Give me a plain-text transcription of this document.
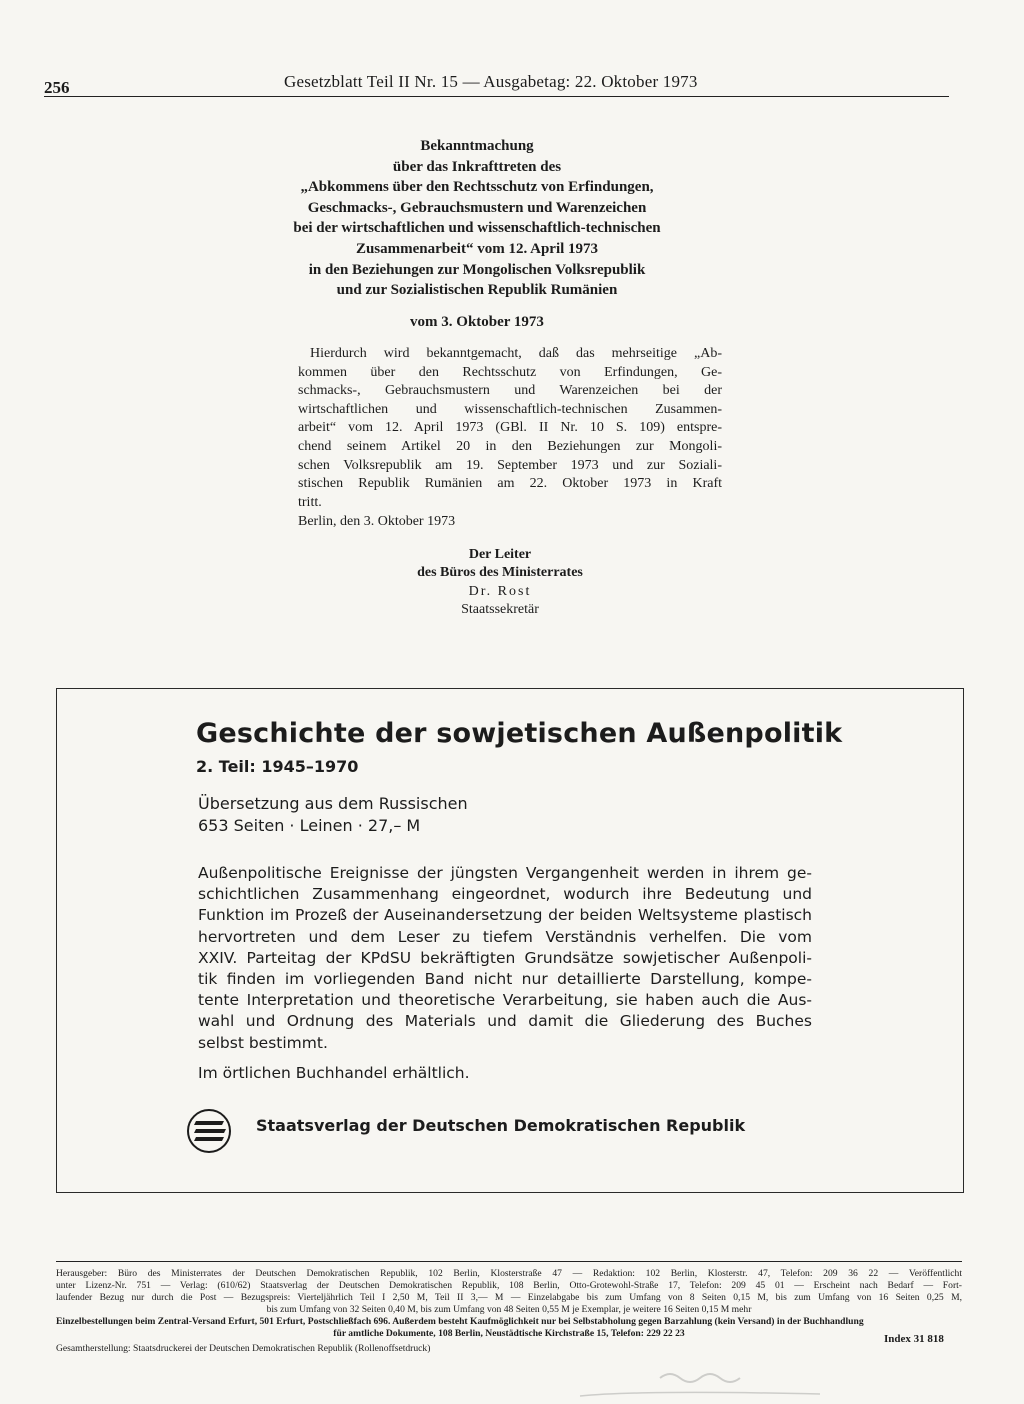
256	Gesetzblatt Teil II Nr. 15 — Ausgabetag: 22. Oktober 1973
Bekanntmachung
über das Inkrafttreten des
„Abkommens über den Rechtsschutz von Erfindungen,
Geschmacks-, Gebrauchsmustern und Warenzeichen
bei der wirtschaftlichen und wissenschaftlich-technischen
Zusammenarbeit“ vom 12. April 1973
in den Beziehungen zur Mongolischen Volksrepublik
und zur Sozialistischen Republik Rumänien
vom 3. Oktober 1973
Hierdurch wird bekanntgemacht, daß das mehrseitige „Ab-
kommen über den Rechtsschutz von Erfindungen, Ge-
schmacks-, Gebrauchsmustern und Warenzeichen bei der
wirtschaftlichen und wissenschaftlich-technischen Zusammen-
arbeit“ vom 12. April 1973 (GBl. II Nr. 10 S. 109) entspre-
chend seinem Artikel 20 in den Beziehungen zur Mongoli-
schen Volksrepublik am 19. September 1973 und zur Soziali-
stischen Republik Rumänien am 22. Oktober 1973 in Kraft
tritt.
Berlin, den 3. Oktober 1973
Der Leiter
des Büros des Ministerrates
Dr. Rost
Staatssekretär
Geschichte der sowjetischen Außenpolitik
2. Teil: 1945–1970
Übersetzung aus dem Russischen
653 Seiten · Leinen · 27,– M
Außenpolitische Ereignisse der jüngsten Vergangenheit werden in ihrem ge-
schichtlichen Zusammenhang eingeordnet, wodurch ihre Bedeutung und
Funktion im Prozeß der Auseinandersetzung der beiden Weltsysteme plastisch
hervortreten und dem Leser zu tiefem Verständnis verhelfen. Die vom
XXIV. Parteitag der KPdSU bekräftigten Grundsätze sowjetischer Außenpoli-
tik finden im vorliegenden Band nicht nur detaillierte Darstellung, kompe-
tente Interpretation und theoretische Verarbeitung, sie haben auch die Aus-
wahl und Ordnung des Materials und damit die Gliederung des Buches
selbst bestimmt.
Im örtlichen Buchhandel erhältlich.
Staatsverlag der Deutschen Demokratischen Republik
Herausgeber: Büro des Ministerrates der Deutschen Demokratischen Republik, 102 Berlin, Klosterstraße 47 — Redaktion: 102 Berlin, Klosterstr. 47, Telefon: 209 36 22 — Veröffentlicht
unter Lizenz-Nr. 751 — Verlag: (610/62) Staatsverlag der Deutschen Demokratischen Republik, 108 Berlin, Otto-Grotewohl-Straße 17, Telefon: 209 45 01 — Erscheint nach Bedarf — Fort-
laufender Bezug nur durch die Post — Bezugspreis: Vierteljährlich Teil I 2,50 M, Teil II 3,— M — Einzelabgabe bis zum Umfang von 8 Seiten 0,15 M, bis zum Umfang von 16 Seiten 0,25 M,
bis zum Umfang von 32 Seiten 0,40 M, bis zum Umfang von 48 Seiten 0,55 M je Exemplar, je weitere 16 Seiten 0,15 M mehr
Einzelbestellungen beim Zentral-Versand Erfurt, 501 Erfurt, Postschließfach 696. Außerdem besteht Kaufmöglichkeit nur bei Selbstabholung gegen Barzahlung (kein Versand) in der Buchhandlung
für amtliche Dokumente, 108 Berlin, Neustädtische Kirchstraße 15, Telefon: 229 22 23	Index 31 818
Gesamtherstellung: Staatsdruckerei der Deutschen Demokratischen Republik (Rollenoffsetdruck)
